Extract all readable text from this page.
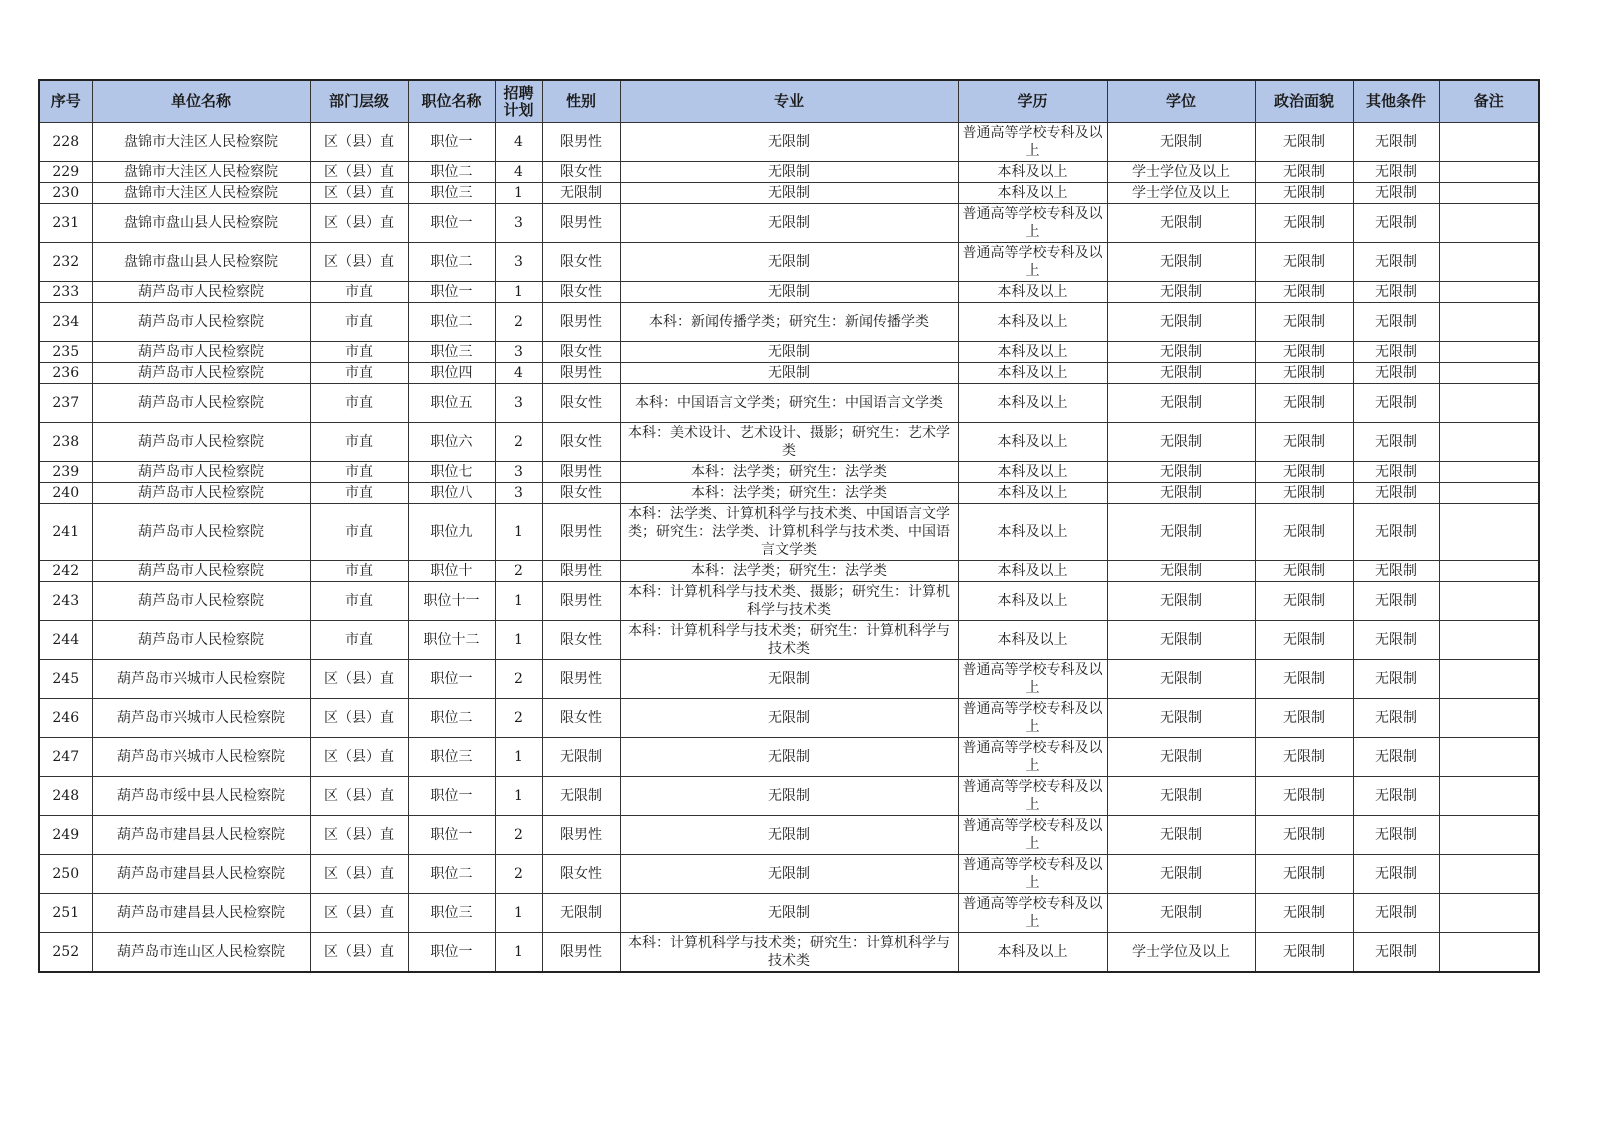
序号	单位名称	部门层级	职位名称	招聘计划	性别	专业	学历	学位	政治面貌	其他条件	备注
228	盘锦市大洼区人民检察院	区（县）直	职位一	4	限男性	无限制	普通高等学校专科及以上	无限制	无限制	无限制	
229	盘锦市大洼区人民检察院	区（县）直	职位二	4	限女性	无限制	本科及以上	学士学位及以上	无限制	无限制	
230	盘锦市大洼区人民检察院	区（县）直	职位三	1	无限制	无限制	本科及以上	学士学位及以上	无限制	无限制	
231	盘锦市盘山县人民检察院	区（县）直	职位一	3	限男性	无限制	普通高等学校专科及以上	无限制	无限制	无限制	
232	盘锦市盘山县人民检察院	区（县）直	职位二	3	限女性	无限制	普通高等学校专科及以上	无限制	无限制	无限制	
233	葫芦岛市人民检察院	市直	职位一	1	限女性	无限制	本科及以上	无限制	无限制	无限制	
234	葫芦岛市人民检察院	市直	职位二	2	限男性	本科：新闻传播学类；研究生：新闻传播学类	本科及以上	无限制	无限制	无限制	
235	葫芦岛市人民检察院	市直	职位三	3	限女性	无限制	本科及以上	无限制	无限制	无限制	
236	葫芦岛市人民检察院	市直	职位四	4	限男性	无限制	本科及以上	无限制	无限制	无限制	
237	葫芦岛市人民检察院	市直	职位五	3	限女性	本科：中国语言文学类；研究生：中国语言文学类	本科及以上	无限制	无限制	无限制	
238	葫芦岛市人民检察院	市直	职位六	2	限女性	本科：美术设计、艺术设计、摄影；研究生：艺术学类	本科及以上	无限制	无限制	无限制	
239	葫芦岛市人民检察院	市直	职位七	3	限男性	本科：法学类；研究生：法学类	本科及以上	无限制	无限制	无限制	
240	葫芦岛市人民检察院	市直	职位八	3	限女性	本科：法学类；研究生：法学类	本科及以上	无限制	无限制	无限制	
241	葫芦岛市人民检察院	市直	职位九	1	限男性	本科：法学类、计算机科学与技术类、中国语言文学类；研究生：法学类、计算机科学与技术类、中国语言文学类	本科及以上	无限制	无限制	无限制	
242	葫芦岛市人民检察院	市直	职位十	2	限男性	本科：法学类；研究生：法学类	本科及以上	无限制	无限制	无限制	
243	葫芦岛市人民检察院	市直	职位十一	1	限男性	本科：计算机科学与技术类、摄影；研究生：计算机科学与技术类	本科及以上	无限制	无限制	无限制	
244	葫芦岛市人民检察院	市直	职位十二	1	限女性	本科：计算机科学与技术类；研究生：计算机科学与技术类	本科及以上	无限制	无限制	无限制	
245	葫芦岛市兴城市人民检察院	区（县）直	职位一	2	限男性	无限制	普通高等学校专科及以上	无限制	无限制	无限制	
246	葫芦岛市兴城市人民检察院	区（县）直	职位二	2	限女性	无限制	普通高等学校专科及以上	无限制	无限制	无限制	
247	葫芦岛市兴城市人民检察院	区（县）直	职位三	1	无限制	无限制	普通高等学校专科及以上	无限制	无限制	无限制	
248	葫芦岛市绥中县人民检察院	区（县）直	职位一	1	无限制	无限制	普通高等学校专科及以上	无限制	无限制	无限制	
249	葫芦岛市建昌县人民检察院	区（县）直	职位一	2	限男性	无限制	普通高等学校专科及以上	无限制	无限制	无限制	
250	葫芦岛市建昌县人民检察院	区（县）直	职位二	2	限女性	无限制	普通高等学校专科及以上	无限制	无限制	无限制	
251	葫芦岛市建昌县人民检察院	区（县）直	职位三	1	无限制	无限制	普通高等学校专科及以上	无限制	无限制	无限制	
252	葫芦岛市连山区人民检察院	区（县）直	职位一	1	限男性	本科：计算机科学与技术类；研究生：计算机科学与技术类	本科及以上	学士学位及以上	无限制	无限制	
